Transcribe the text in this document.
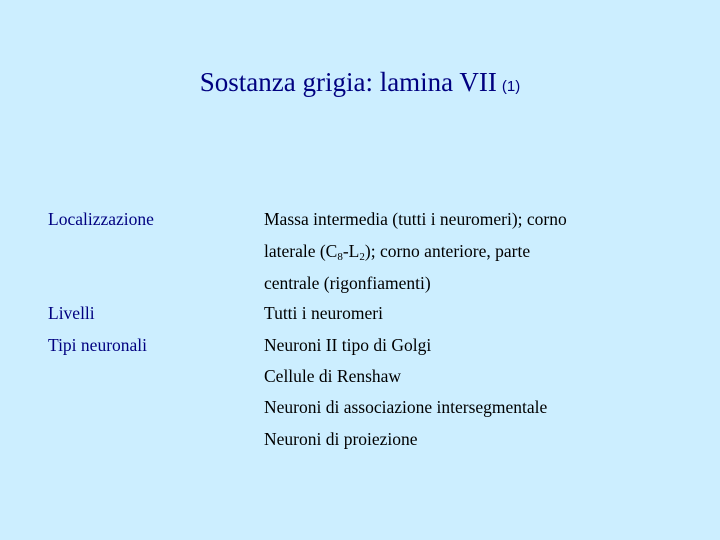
Sostanza grigia: lamina VII (1)
Localizzazione	Massa intermedia (tutti i neuromeri); corno
laterale $(C_8-L_2)$; corno anteriore, parte
centrale (rigonfiamenti)
Livelli	Tutti i neuromeri
Tipi neuronali	Neuroni II tipo di Golgi
Cellule di Renshaw
Neuroni di associazione intersegmentale
Neuroni di proiezione
